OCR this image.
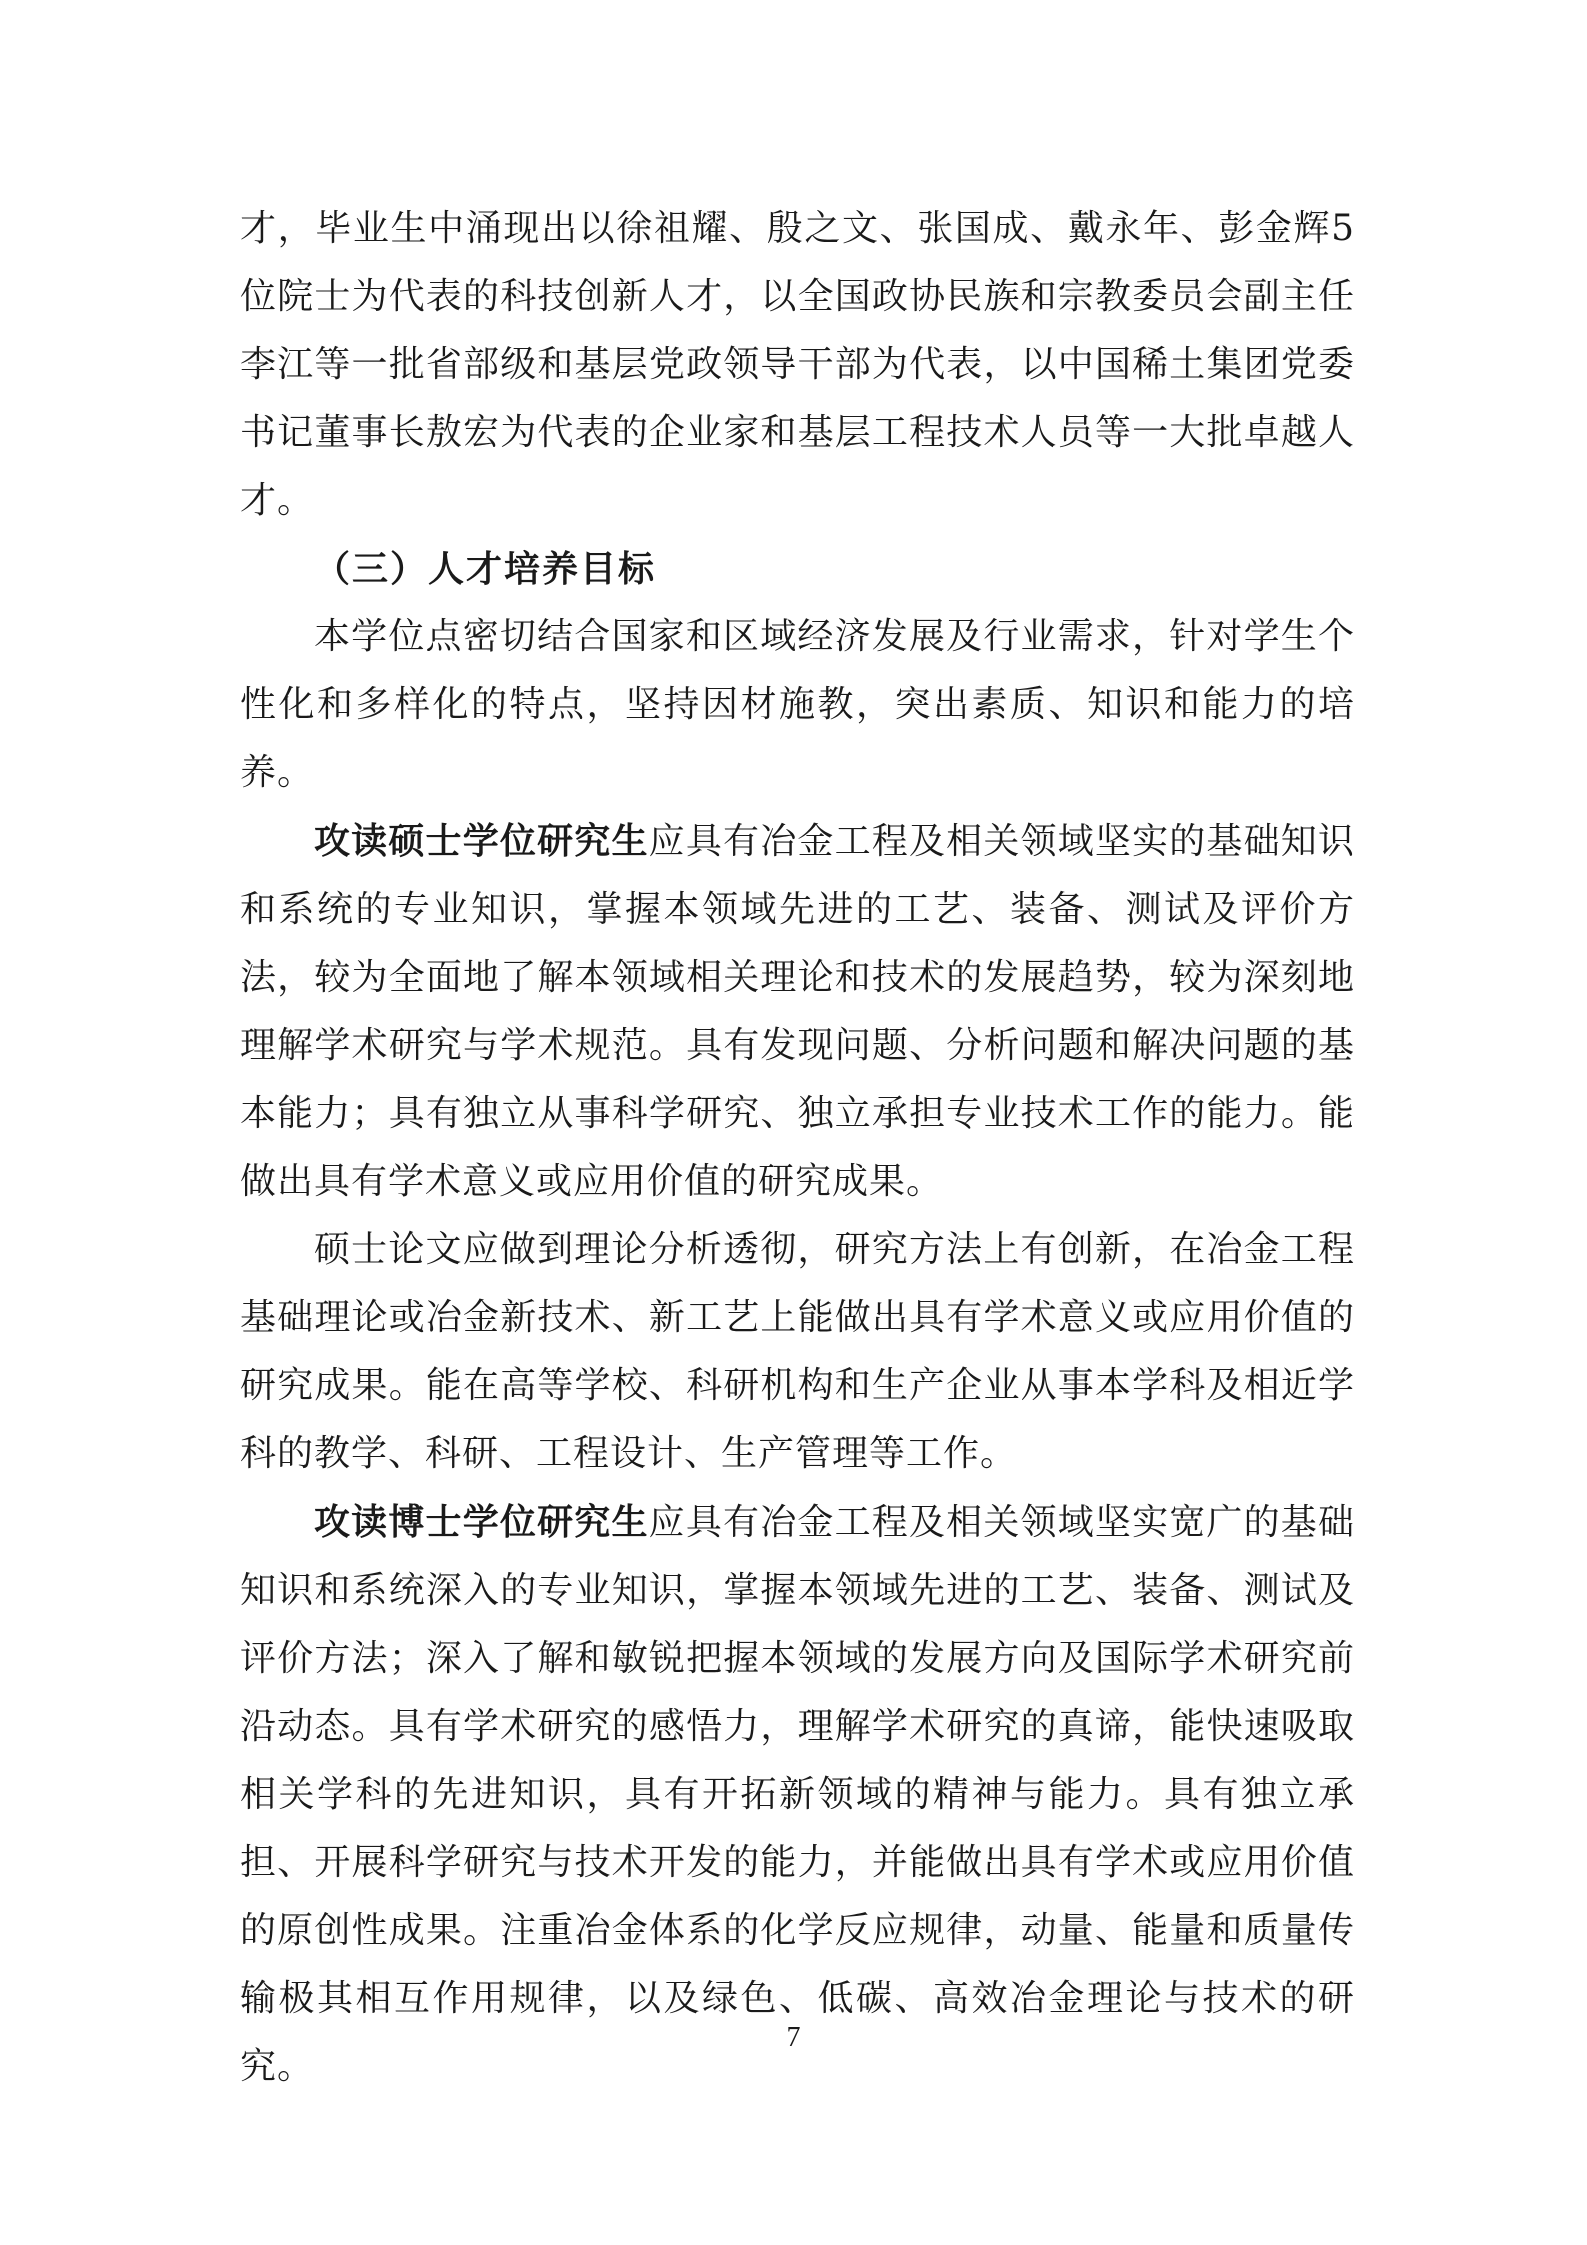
才，毕业生中涌现出以徐祖耀、殷之文、张国成、戴永年、彭金辉5位院士为代表的科技创新人才，以全国政协民族和宗教委员会副主任李江等一批省部级和基层党政领导干部为代表，以中国稀土集团党委书记董事长敖宏为代表的企业家和基层工程技术人员等一大批卓越人才。

（三）人才培养目标

本学位点密切结合国家和区域经济发展及行业需求，针对学生个性化和多样化的特点，坚持因材施教，突出素质、知识和能力的培养。

攻读硕士学位研究生应具有冶金工程及相关领域坚实的基础知识和系统的专业知识，掌握本领域先进的工艺、装备、测试及评价方法，较为全面地了解本领域相关理论和技术的发展趋势，较为深刻地理解学术研究与学术规范。具有发现问题、分析问题和解决问题的基本能力；具有独立从事科学研究、独立承担专业技术工作的能力。能做出具有学术意义或应用价值的研究成果。

硕士论文应做到理论分析透彻，研究方法上有创新，在冶金工程基础理论或冶金新技术、新工艺上能做出具有学术意义或应用价值的研究成果。能在高等学校、科研机构和生产企业从事本学科及相近学科的教学、科研、工程设计、生产管理等工作。

攻读博士学位研究生应具有冶金工程及相关领域坚实宽广的基础知识和系统深入的专业知识，掌握本领域先进的工艺、装备、测试及评价方法；深入了解和敏锐把握本领域的发展方向及国际学术研究前沿动态。具有学术研究的感悟力，理解学术研究的真谛，能快速吸取相关学科的先进知识，具有开拓新领域的精神与能力。具有独立承担、开展科学研究与技术开发的能力，并能做出具有学术或应用价值的原创性成果。注重冶金体系的化学反应规律，动量、能量和质量传输极其相互作用规律，以及绿色、低碳、高效冶金理论与技术的研究。

7
